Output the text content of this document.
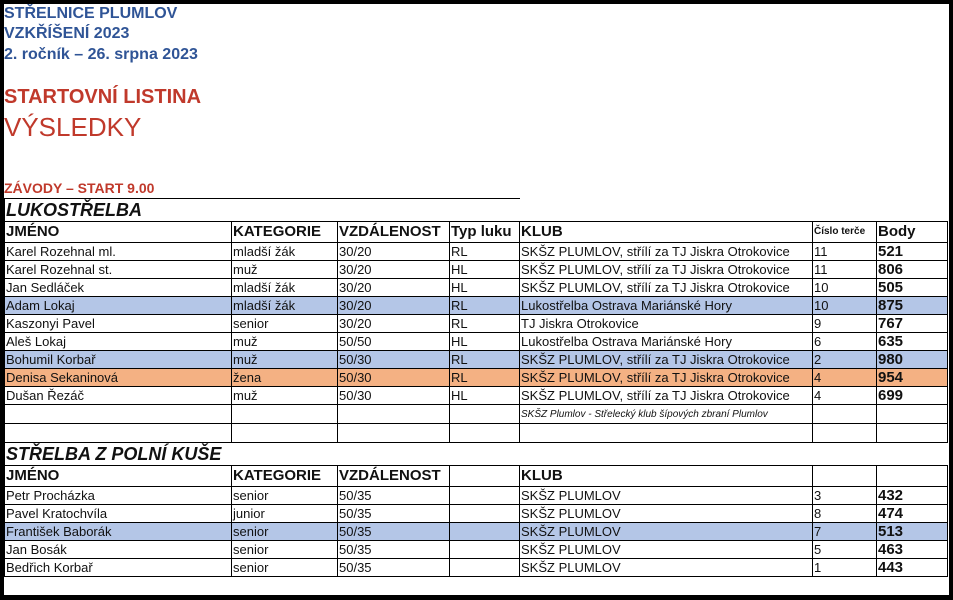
STŘELNICE PLUMLOV
VZKŘÍŠENÍ 2023
2. ročník – 26. srpna 2023
STARTOVNÍ LISTINA
VÝSLEDKY
ZÁVODY – START 9.00
LUKOSTŘELBA						
JMÉNO	KATEGORIE	VZDÁLENOST	Typ luku	KLUB	Číslo terče	Body
Karel Rozehnal ml.	mladší žák	30/20	RL	SKŠZ PLUMLOV, střílí za TJ Jiskra Otrokovice	11	521
Karel Rozehnal st.	muž	30/20	HL	SKŠZ PLUMLOV, střílí za TJ Jiskra Otrokovice	11	806
Jan Sedláček	mladší žák	30/20	HL	SKŠZ PLUMLOV, střílí za TJ Jiskra Otrokovice	10	505
Adam Lokaj	mladší žák	30/20	RL	Lukostřelba Ostrava Mariánské Hory	10	875
Kaszonyi Pavel	senior	30/20	RL	TJ Jiskra Otrokovice	9	767
Aleš Lokaj	muž	50/50	HL	Lukostřelba Ostrava Mariánské Hory	6	635
Bohumil Korbař	muž	50/30	RL	SKŠZ PLUMLOV, střílí za TJ Jiskra Otrokovice	2	980
Denisa Sekaninová	žena	50/30	RL	SKŠZ PLUMLOV, střílí za TJ Jiskra Otrokovice	4	954
Dušan Řezáč	muž	50/30	HL	SKŠZ PLUMLOV, střílí za TJ Jiskra Otrokovice	4	699
				SKŠZ Plumlov - Střelecký klub šípových zbraní Plumlov		

STŘELBA Z POLNÍ KUŠE						
JMÉNO	KATEGORIE	VZDÁLENOST		KLUB		
Petr Procházka	senior	50/35		SKŠZ PLUMLOV	3	432
Pavel Kratochvíla	junior	50/35		SKŠZ PLUMLOV	8	474
František Baborák	senior	50/35		SKŠZ PLUMLOV	7	513
Jan Bosák	senior	50/35		SKŠZ PLUMLOV	5	463
Bedřich Korbař	senior	50/35		SKŠZ PLUMLOV	1	443
